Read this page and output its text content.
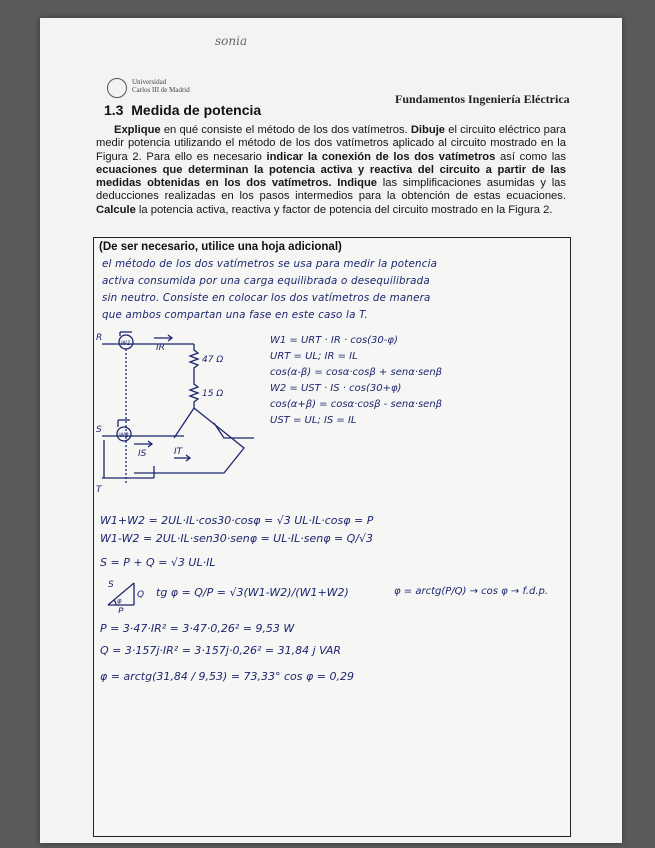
sonia
Universidad
Carlos III de Madrid
Fundamentos Ingeniería Eléctrica
1.3 Medida de potencia
Explique en qué consiste el método de los dos vatímetros. Dibuje el circuito eléctrico para medir potencia utilizando el método de los dos vatímetros aplicado al circuito mostrado en la Figura 2. Para ello es necesario indicar la conexión de los dos vatímetros así como las ecuaciones que determinan la potencia activa y reactiva del circuito a partir de las medidas obtenidas en los dos vatímetros. Indique las simplificaciones asumidas y las deducciones realizadas en los pasos intermedios para la obtención de estas ecuaciones. Calcule la potencia activa, reactiva y factor de potencia del circuito mostrado en la Figura 2.
(De ser necesario, utilice una hoja adicional)

el método de los dos vatímetros se usa para medir la potencia
activa consumida por una carga equilibrada o desequilibrada
sin neutro. Consiste en colocar los dos vatímetros de manera
que ambos compartan una fase en este caso la T.
R
S
T
W1
W2
IR
IS	IT
47 Ω
15 Ω
W1 = URT · IR · cos(30-φ)
URT = UL; IR = IL
cos(α-β) = cosα·cosβ + senα·senβ
W2 = UST · IS · cos(30+φ)
cos(α+β) = cosα·cosβ - senα·senβ
UST = UL; IS = IL
W1+W2 = 2UL·IL·cos30·cosφ = √3 UL·IL·cosφ = P
W1-W2 = 2UL·IL·sen30·senφ = UL·IL·senφ = Q/√3
S = P + Q = √3 UL·IL
S
Q
P
φ
tg φ = Q/P = √3(W1-W2)/(W1+W2)	φ = arctg(P/Q) → cos φ → f.d.p.
P = 3·47·IR² = 3·47·0,26² = 9,53 W
Q = 3·157j·IR² = 3·157j·0,26² = 31,84 j VAR
φ = arctg(31,84 / 9,53) = 73,33° cos φ = 0,29
